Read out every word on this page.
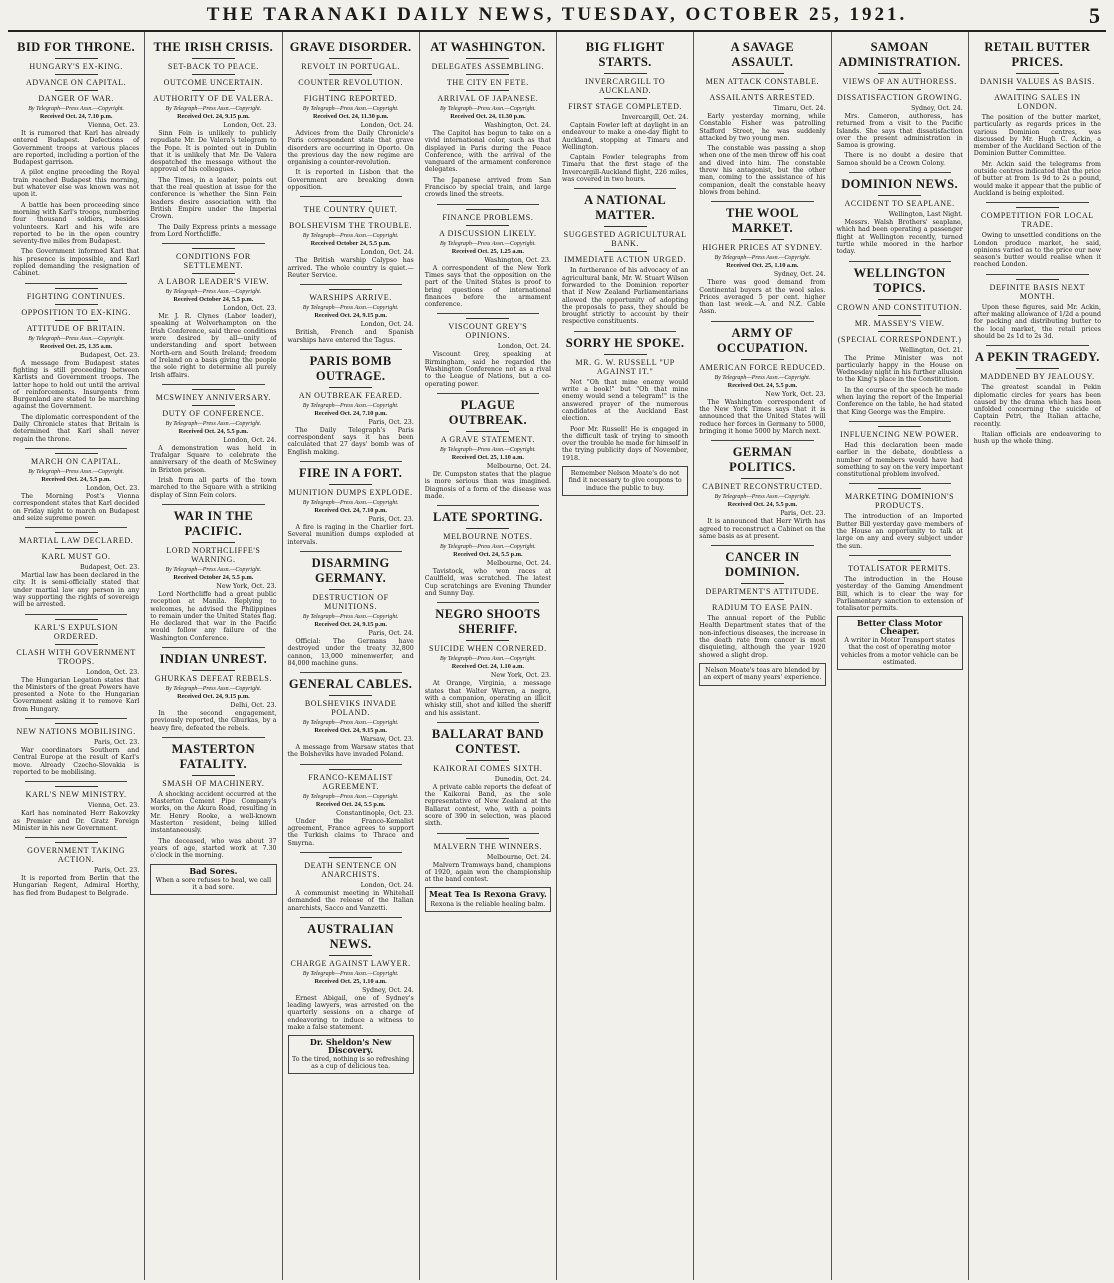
THE TARANAKI DAILY NEWS, TUESDAY, OCTOBER 25, 1921.	5
BID FOR THRONE.
HUNGARY'S EX-KING.
ADVANCE ON CAPITAL.
DANGER OF WAR.
By Telegraph—Press Assn.—Copyright.
Received Oct. 24, 7.10 p.m.
Vienna, Oct. 23.

It is rumored that Karl has already entered Budapest. Defections of Government troops at various places are reported, including a portion of the Budapest garrison.

A pilot engine preceding the Royal train reached Budapest this morning, but whatever else was known was not upon it.

A battle has been proceeding since morning with Karl's troops, numbering four thousand soldiers, besides volunteers. Karl and his wife are reported to be in the open country seventy-five miles from Budapest.

The Government informed Karl that his presence is impossible, and Karl replied demanding the resignation of Cabinet.

FIGHTING CONTINUES.
OPPOSITION TO EX-KING.
ATTITUDE OF BRITAIN.
By Telegraph—Press Assn.—Copyright.
Received Oct. 25, 1.35 a.m.
Budapest, Oct. 23.

A message from Budapest states fighting is still proceeding between Karlists and Government troops. The latter hope to hold out until the arrival of reinforcements. Insurgents from Burgenland are stated to be marching against the Government.

The diplomatic correspondent of the Daily Chronicle states that Britain is determined that Karl shall never regain the throne.

MARCH ON CAPITAL.
By Telegraph—Press Assn.—Copyright.
Received Oct. 24, 5.5 p.m.
London, Oct. 23.

The Morning Post's Vienna correspondent states that Karl decided on Friday night to march on Budapest and seize supreme power.

MARTIAL LAW DECLARED.
KARL MUST GO.
Budapest, Oct. 23.

Martial law has been declared in the city. It is semi-officially stated that under martial law any person in any way supporting the rights of sovereign will be arrested.

KARL'S EXPULSION ORDERED.
CLASH WITH GOVERNMENT TROOPS.
London, Oct. 23.

The Hungarian Legation states that the Ministers of the great Powers have presented a Note to the Hungarian Government asking it to remove Karl from Hungary.

NEW NATIONS MOBILISING.
Paris, Oct. 23.

War coordinators Southern and Central Europe at the result of Karl's move. Already Czecho-Slovakia is reported to be mobilising.

KARL'S NEW MINISTRY.
Vienna, Oct. 23.

Karl has nominated Herr Rakovzky as Premier and Dr. Gratz Foreign Minister in his new Government.

GOVERNMENT TAKING ACTION.
Paris, Oct. 23.

It is reported from Berlin that the Hungarian Regent, Admiral Horthy, has fled from Budapest to Belgrade.

THE IRISH CRISIS.
SET-BACK TO PEACE.
OUTCOME UNCERTAIN.
AUTHORITY OF DE VALERA.
By Telegraph—Press Assn.—Copyright.
Received Oct. 24, 9.15 p.m.
London, Oct. 23.

Sinn Fein is unlikely to publicly repudiate Mr. De Valera's telegram to the Pope. It is pointed out in Dublin that it is unlikely that Mr. De Valera despatched the message without the approval of his colleagues.

The Times, in a leader, points out that the real question at issue for the conference is whether the Sinn Fein leaders desire association with the British Empire under the Imperial Crown.

The Daily Express prints a message from Lord Northcliffe.

CONDITIONS FOR SETTLEMENT.
A LABOR LEADER'S VIEW.
By Telegraph—Press Assn.—Copyright.
Received October 24, 5.5 p.m.
London, Oct. 23.

Mr. J. R. Clynes (Labor leader), speaking at Wolverhampton on the Irish Conference, said three conditions were desired by all—unity of understanding and sport between North-ern and South Ireland; freedom of Ireland on a basis giving the people the sole right to determine all purely Irish affairs.

MCSWINEY ANNIVERSARY.
DUTY OF CONFERENCE.
By Telegraph—Press Assn.—Copyright.
Received Oct. 24, 5.5 p.m.
London, Oct. 24.

A demonstration was held in Trafalgar Square to celebrate the anniversary of the death of McSwiney in Brixton prison.

Irish from all parts of the town marched to the Square with a striking display of Sinn Fein colors.

WAR IN THE PACIFIC.
LORD NORTHCLIFFE'S WARNING.
By Telegraph—Press Assn.—Copyright.
Received October 24, 5.5 p.m.
New York, Oct. 23.

Lord Northcliffe had a great public reception at Manila. Replying to welcomes, he advised the Philippines to remain under the United States flag. He declared that war in the Pacific would follow any failure of the Washington Conference.

INDIAN UNREST.
GHURKAS DEFEAT REBELS.
By Telegraph—Press Assn.—Copyright.
Received Oct. 24, 9.15 p.m.
Delhi, Oct. 23.

In the second engagement, previously reported, the Ghurkas, by a heavy fire, defeated the rebels.

MASTERTON FATALITY.
SMASH OF MACHINERY.

A shocking accident occurred at the Masterton Cement Pipe Company's works, on the Akura Road, resulting in Mr. Henry Rooke, a well-known Masterton resident, being killed instantaneously.

The deceased, who was about 37 years of age, started work at 7.30 o'clock in the morning.

Bad Sores.
When a sore refuses to heal, we call it a bad sore.
GRAVE DISORDER.
REVOLT IN PORTUGAL.
COUNTER REVOLUTION.
FIGHTING REPORTED.
By Telegraph—Press Assn.—Copyright.
Received Oct. 24, 11.30 p.m.
London, Oct. 24.

Advices from the Daily Chronicle's Paris correspondent state that grave disorders are occurring in Oporto. On the previous day the new regime are organising a counter-revolution.

It is reported in Lisbon that the Government are breaking down opposition.

THE COUNTRY QUIET.
BOLSHEVISM THE TROUBLE.
By Telegraph—Press Assn.—Copyright.
Received October 24, 5.5 p.m.
London, Oct. 24.

The British warship Calypso has arrived. The whole country is quiet.—Reuter Service.

WARSHIPS ARRIVE.
By Telegraph—Press Assn.—Copyright.
Received Oct. 24, 9.15 p.m.
London, Oct. 24.

British, French and Spanish warships have entered the Tagus.

PARIS BOMB OUTRAGE.
AN OUTBREAK FEARED.
By Telegraph—Press Assn.—Copyright.
Received Oct. 24, 7.10 p.m.
Paris, Oct. 23.

The Daily Telegraph's Paris correspondent says it has been calculated that 27 days' bomb was of English making.

FIRE IN A FORT.
MUNITION DUMPS EXPLODE.
By Telegraph—Press Assn.—Copyright.
Received Oct. 24, 7.10 p.m.
Paris, Oct. 23.

A fire is raging in the Charlier fort. Several munition dumps exploded at intervals.

DISARMING GERMANY.
DESTRUCTION OF MUNITIONS.
By Telegraph—Press Assn.—Copyright.
Received Oct. 24, 9.15 p.m.
Paris, Oct. 24.

Official: The Germans have destroyed under the treaty 32,800 cannon, 13,000 minenwerfer, and 84,000 machine guns.

GENERAL CABLES.
BOLSHEVIKS INVADE POLAND.
By Telegraph—Press Assn.—Copyright.
Received Oct. 24, 9.15 p.m.
Warsaw, Oct. 23.

A message from Warsaw states that the Bolsheviks have invaded Poland.

FRANCO-KEMALIST AGREEMENT.
By Telegraph—Press Assn.—Copyright.
Received Oct. 24, 5.5 p.m.
Constantinople, Oct. 23.

Under the Franco-Kemalist agreement, France agrees to support the Turkish claims to Thrace and Smyrna.

DEATH SENTENCE ON ANARCHISTS.
London, Oct. 24.

A communist meeting in Whitehall demanded the release of the Italian anarchists, Sacco and Vanzetti.

AUSTRALIAN NEWS.
CHARGE AGAINST LAWYER.
By Telegraph—Press Assn.—Copyright.
Received Oct. 25, 1.10 a.m.
Sydney, Oct. 24.

Ernest Abigail, one of Sydney's leading lawyers, was arrested on the quarterly sessions on a charge of endeavoring to induce a witness to make a false statement.

Dr. Sheldon's New Discovery.
To the tired, nothing is so refreshing as a cup of delicious tea.
AT WASHINGTON.
DELEGATES ASSEMBLING.
THE CITY EN FETE.
ARRIVAL OF JAPANESE.
By Telegraph—Press Assn.—Copyright.
Received Oct. 24, 11.30 p.m.
Washington, Oct. 24.

The Capitol has begun to take on a vivid international color, such as that displayed in Paris during the Peace Conference, with the arrival of the vanguard of the armament conference delegates.

The Japanese arrived from San Francisco by special train, and large crowds lined the streets.

FINANCE PROBLEMS.
A DISCUSSION LIKELY.
By Telegraph—Press Assn.—Copyright.
Received Oct. 25, 1.25 a.m.
Washington, Oct. 23.

A correspondent of the New York Times says that the opposition on the part of the United States is proof to bring questions of international finances before the armament conference.

VISCOUNT GREY'S OPINIONS.
London, Oct. 24.

Viscount Grey, speaking at Birmingham, said he regarded the Washington Conference not as a rival to the League of Nations, but a co-operating power.

PLAGUE OUTBREAK.
A GRAVE STATEMENT.
By Telegraph—Press Assn.—Copyright.
Received Oct. 25, 1.10 a.m.
Melbourne, Oct. 24.

Dr. Cumpston states that the plague is more serious than was imagined. Diagnosis of a form of the disease was made.

LATE SPORTING.
MELBOURNE NOTES.
By Telegraph—Press Assn.—Copyright.
Received Oct. 24, 5.5 p.m.
Melbourne, Oct. 24.

Tavistock, who won races at Caulfield, was scratched. The latest Cup scratchings are Evening Thunder and Sunny Day.

NEGRO SHOOTS SHERIFF.
SUICIDE WHEN CORNERED.
By Telegraph—Press Assn.—Copyright.
Received Oct. 24, 1.10 a.m.
New York, Oct. 23.

At Orange, Virginia, a message states that Walter Warren, a negro, with a companion, operating an illicit whisky still, shot and killed the sheriff and his assistant.

BALLARAT BAND CONTEST.
KAIKORAI COMES SIXTH.
Dunedin, Oct. 24.

A private cable reports the defeat of the Kaikorai Band, as the sole representative of New Zealand at the Ballarat contest, who, with a points score of 390 in selection, was placed sixth.

MALVERN THE WINNERS.
Melbourne, Oct. 24.

Malvern Tramways band, champions of 1920, again won the championship at the band contest.

Meat Tea Is Rexona Gravy.
Rexona is the reliable healing balm.
BIG FLIGHT STARTS.
INVERCARGILL TO AUCKLAND.
FIRST STAGE COMPLETED.
Invercargill, Oct. 24.

Captain Fowler left at daylight in an endeavour to make a one-day flight to Auckland, stopping at Timaru and Wellington.

Captain Fowler telegraphs from Timaru that the first stage of the Invercargill-Auckland flight, 226 miles, was covered in two hours.

A NATIONAL MATTER.
SUGGESTED AGRICULTURAL BANK.
IMMEDIATE ACTION URGED.

In furtherance of his advocacy of an agricultural bank, Mr. W. Stuart Wilson forwarded to the Dominion reporter that if New Zealand Parliamentarians allowed the opportunity of adopting the proposals to pass, they should be brought strictly to account by their respective constituents.

SORRY HE SPOKE.
MR. G. W. RUSSELL "UP AGAINST IT."

Not "Oh that mine enemy would write a book!" but "Oh that mine enemy would send a telegram!" is the answered prayer of the numerous candidates at the Auckland East election.

Poor Mr. Russell! He is engaged in the difficult task of trying to smooth over the trouble he made for himself in the trying publicity days of November, 1918.

Remember Nelson Moate's do not find it necessary to give coupons to induce the public to buy.
A SAVAGE ASSAULT.
MEN ATTACK CONSTABLE.
ASSAILANTS ARRESTED.
Timaru, Oct. 24.

Early yesterday morning, while Constable Fisher was patrolling Stafford Street, he was suddenly attacked by two young men.

The constable was passing a shop when one of the men threw off his coat and dived into him. The constable threw his antagonist, but the other man, coming to the assistance of his companion, dealt the constable heavy blows from behind.

THE WOOL MARKET.
HIGHER PRICES AT SYDNEY.
By Telegraph—Press Assn.—Copyright.
Received Oct. 25, 1.10 a.m.
Sydney, Oct. 24.

There was good demand from Continental buyers at the wool sales. Prices averaged 5 per cent. higher than last week.—A. and N.Z. Cable Assn.

ARMY OF OCCUPATION.
AMERICAN FORCE REDUCED.
By Telegraph—Press Assn.—Copyright.
Received Oct. 24, 5.5 p.m.
New York, Oct. 23.

The Washington correspondent of the New York Times says that it is announced that the United States will reduce her forces in Germany to 5000, bringing it home 5000 by March next.

GERMAN POLITICS.
CABINET RECONSTRUCTED.
By Telegraph—Press Assn.—Copyright.
Received Oct. 24, 5.5 p.m.
Paris, Oct. 23.

It is announced that Herr Wirth has agreed to reconstruct a Cabinet on the same basis as at present.

CANCER IN DOMINION.
DEPARTMENT'S ATTITUDE.
RADIUM TO EASE PAIN.

The annual report of the Public Health Department states that of the non-infectious diseases, the increase in the death rate from cancer is most disquieting, although the year 1920 showed a slight drop.

Nelson Moate's teas are blended by an expert of many years' experience.
SAMOAN ADMINISTRATION.
VIEWS OF AN AUTHORESS.
DISSATISFACTION GROWING.
Sydney, Oct. 24.

Mrs. Cameron, authoress, has returned from a visit to the Pacific Islands. She says that dissatisfaction over the present administration in Samoa is growing.

There is no doubt a desire that Samoa should be a Crown Colony.

DOMINION NEWS.
ACCIDENT TO SEAPLANE.
Wellington, Last Night.

Messrs. Walsh Brothers' seaplane, which had been operating a passenger flight at Wellington recently, turned turtle while moored in the harbor today.

WELLINGTON TOPICS.
CROWN AND CONSTITUTION.
MR. MASSEY'S VIEW.
(SPECIAL CORRESPONDENT.)
Wellington, Oct. 21.

The Prime Minister was not particularly happy in the House on Wednesday night in his further allusion to the King's place in the Constitution.

In the course of the speech he made when laying the report of the Imperial Conference on the table, he had stated that King George was the Empire.

INFLUENCING NEW POWER.

Had this declaration been made earlier in the debate, doubtless a number of members would have had something to say on the very important constitutional problem involved.

MARKETING DOMINION'S PRODUCTS.

The introduction of an Imported Butter Bill yesterday gave members of the House an opportunity to talk at large on any and every subject under the sun.

TOTALISATOR PERMITS.

The introduction in the House yesterday of the Gaming Amendment Bill, which is to clear the way for Parliamentary sanction to extension of totalisator permits.

Better Class Motor Cheaper.
A writer in Motor Transport states that the cost of operating motor vehicles from a motor vehicle can be estimated.
RETAIL BUTTER PRICES.
DANISH VALUES AS BASIS.
AWAITING SALES IN LONDON.

The position of the butter market, particularly as regards prices in the various Dominion centres, was discussed by Mr. Hugh C. Ackin, a member of the Auckland Section of the Dominion Butter Committee.

Mr. Ackin said the telegrams from outside centres indicated that the price of butter at from 1s 9d to 2s a pound, would make it appear that the public of Auckland is being exploited.

COMPETITION FOR LOCAL TRADE.

Owing to unsettled conditions on the London produce market, he said, opinions varied as to the price our new season's butter would realise when it reached London.

DEFINITE BASIS NEXT MONTH.

Upon these figures, said Mr. Ackin, after making allowance of 1/2d a pound for packing and distributing butter to the local market, the retail prices should be 2s 1d to 2s 3d.

A PEKIN TRAGEDY.
MADDENED BY JEALOUSY.

The greatest scandal in Pekin diplomatic circles for years has been caused by the drama which has been unfolded concerning the suicide of Captain Petri, the Italian attache, recently.

Italian officials are endeavoring to hush up the whole thing.
